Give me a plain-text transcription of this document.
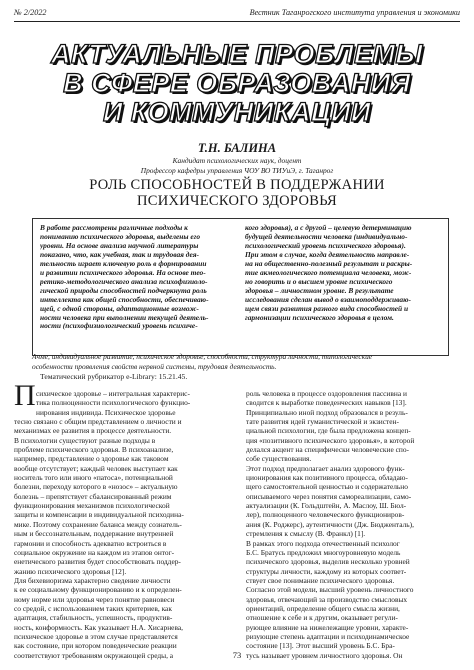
№ 2/2022	Вестник Таганрогского института управления и экономики
АКТУАЛЬНЫЕ ПРОБЛЕМЫ
В СФЕРЕ ОБРАЗОВАНИЯ
И КОММУНИКАЦИИ
Т.Н. БАЛИНА
Кандидат психологических наук, доцент
Профессор кафедры управления ЧОУ ВО ТИУиЭ, г. Таганрог
РОЛЬ СПОСОБНОСТЕЙ В ПОДДЕРЖАНИИ
ПСИХИЧЕСКОГО ЗДОРОВЬЯ
В работе рассмотрены различные подходы к
пониманию психического здоровья, выделены его
уровни. На основе анализа научной литературы
показано, что, как учебная, так и трудовая дея-
тельность играет ключевую роль в формировании
и развитии психического здоровья. На основе тео-
ретико-методологического анализа психофизиоло-
гической природы способностей подчеркнута роль
интеллекта как общей способности, обеспечиваю-
щей, с одной стороны, адаптационные возмож-
ности человека при выполнении текущей деятель-
ности (психофизиологический уровень психиче-
кого здоровья), а с другой – целевую детерминацию
будущей деятельности человека (индивидуально-
психологический уровень психического здоровья).
При этом в случае, когда деятельность направле-
на на общественно-полезный результат и раскры-
тие акмеологического потенциала человека, мож-
но говорить и о высшем уровне психического
здоровья – личностном уровне. В результате
исследования сделан вывод о взаимоподдерживаю-
щем связи развития разного вида способностей и
гармонизации психического здоровья в целом.
Ачме, индивидуальное развитие, психическое здоровье, способности, структура личности, типологические
особенности проявления свойств нервной системы, трудовая деятельность.
Тематический рубрикатор e-Library: 15.21.45.
П сихическое здоровье – интегральная характерис-
тика полноценности психологического функцио-
нирования индивида. Психическое здоровье
тесно связано с общим представлением о личности и
механизмах ее развития в процессе деятельности.
В психологии существуют разные подходы в
проблеме психического здоровья. В психоанализе,
например, представление о здоровье как таковом
вообще отсутствует; каждый человек выступает как
носитель того или иного «патоса», потенциальной
болезни, переходу которого в «нозос» – актуальную
болезнь – препятствует сбалансированный режим
функционирования механизмов психологической
защиты и компенсации в индивидуальной психодина-
мике. Поэтому сохранение баланса между сознатель-
ным и бессознательным, поддержание внутренней
гармонии и способность адекватно встроиться в
социальное окружение на каждом из этапов онтог-
енетического развития будет способствовать поддер-
жанию психического здоровья [12].
Для бихевиоризма характерно сведение личности
к ее социальному функционированию и к определен-
ному норме или здоровья через понятие равновеси
со средой, с использованием таких критериев, как
адаптация, стабильность, успешность, продуктив-
ность, конформность. Как указывает Н.А. Хисарнева,
психическое здоровье в этом случае представляется
как состояние, при котором поведенческие реакции
соответствуют требованиям окружающей среды, а
роль человека в процессе оздоровления пассивна и
сводится к выработке поведенческих навыков [13].
Принципиально иной подход образовался в резуль-
тате развития идей гуманистической и экзистен-
циальной психологии, где была предложена концеп-
ция «позитивного психического здоровья», в которой
делался акцент на специфически человеческие спо-
собе существования.
Этот подход предполагает анализ здорового функ-
ционирования как позитивного процесса, обладаю-
щего самостоятельной ценностью и содержательно
описываемого через понятия самореализации, само-
актуализации (К. Гольдштейн, А. Маслоу, Ш. Бюл-
лер), полноценного человеческого функциониров-
ания (К. Роджерс), аутентичности (Дж. Бюдженталь),
стремления к смыслу (В. Франкл) [1].
В рамках этого подхода отечественный психолог
Б.С. Братусь предложил многоуровневую модель
психического здоровья, выделив несколько уровней
структуры личности, каждому из которых соответ-
ствует свое понимание психического здоровья.
Согласно этой модели, высший уровень личностного
здоровья, отвечающий за производство смысловых
ориентаций, определение общего смысла жизни,
отношение к себе и к другим, оказывает регули-
рующее влияние на нижележащие уровни, характе-
ризующие степень адаптации и психодинамическое
состояние [13]. Этот высший уровень Б.С. Бра-
тусь называет уровнем личностного здоровья. Он
73
